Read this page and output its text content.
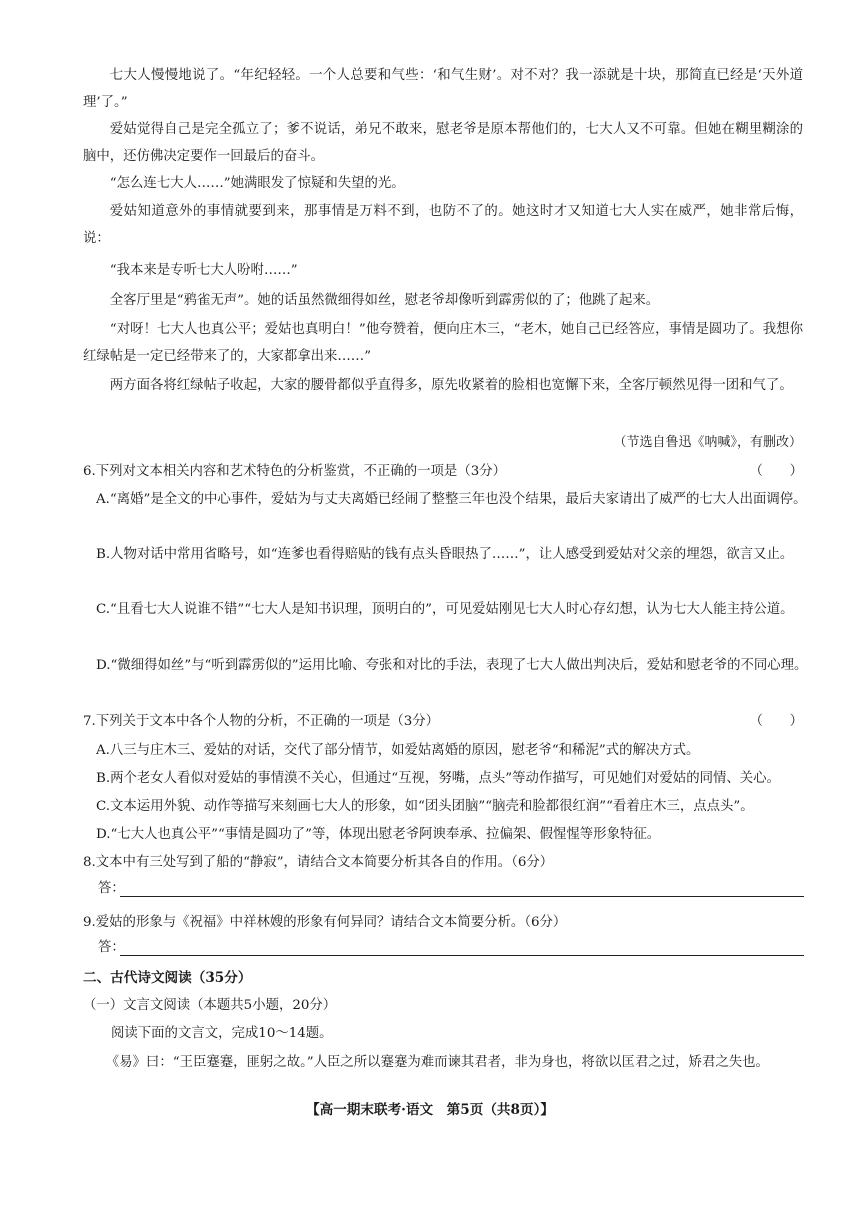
七大人慢慢地说了。“年纪轻轻。一个人总要和气些：‘和气生财’。对不对？我一添就是十块，那简直已经是‘天外道理’了。”

爱姑觉得自己是完全孤立了；爹不说话，弟兄不敢来，慰老爷是原本帮他们的，七大人又不可靠。但她在糊里糊涂的脑中，还仿佛决定要作一回最后的奋斗。

“怎么连七大人……”她满眼发了惊疑和失望的光。

爱姑知道意外的事情就要到来，那事情是万料不到，也防不了的。她这时才又知道七大人实在威严，她非常后悔，说：

“我本来是专听七大人吩咐……”

全客厅里是“鸦雀无声”。她的话虽然微细得如丝，慰老爷却像听到霹雳似的了；他跳了起来。

“对呀！七大人也真公平；爱姑也真明白！”他夸赞着，便向庄木三，“老木，她自己已经答应，事情是圆功了。我想你红绿帖是一定已经带来了的，大家都拿出来……”

两方面各将红绿帖子收起，大家的腰骨都似乎直得多，原先收紧着的脸相也宽懈下来，全客厅顿然见得一团和气了。

（节选自鲁迅《呐喊》，有删改）
6.下列对文本相关内容和艺术特色的分析鉴赏，不正确的一项是（3分）	（　　）

A.“离婚”是全文的中心事件，爱姑为与丈夫离婚已经闹了整整三年也没个结果，最后夫家请出了威严的七大人出面调停。

B.人物对话中常用省略号，如“连爹也看得赔贴的钱有点头昏眼热了……”，让人感受到爱姑对父亲的埋怨，欲言又止。

C.“且看七大人说谁不错”“七大人是知书识理，顶明白的”，可见爱姑刚见七大人时心存幻想，认为七大人能主持公道。

D.“微细得如丝”与“听到霹雳似的”运用比喻、夸张和对比的手法，表现了七大人做出判决后，爱姑和慰老爷的不同心理。

7.下列关于文本中各个人物的分析，不正确的一项是（3分）	（　　）

A.八三与庄木三、爱姑的对话，交代了部分情节，如爱姑离婚的原因，慰老爷“和稀泥”式的解决方式。

B.两个老女人看似对爱姑的事情漠不关心，但通过“互视，努嘴，点头”等动作描写，可见她们对爱姑的同情、关心。

C.文本运用外貌、动作等描写来刻画七大人的形象，如“团头团脑”“脑壳和脸都很红润”“看着庄木三，点点头”。

D.“七大人也真公平”“事情是圆功了”等，体现出慰老爷阿谀奉承、拉偏架、假惺惺等形象特征。

8.文本中有三处写到了船的“静寂”，请结合文本简要分析其各自的作用。（6分）
答：
9.爱姑的形象与《祝福》中祥林嫂的形象有何异同？请结合文本简要分析。（6分）
答：
二、古代诗文阅读（35分）
（一）文言文阅读（本题共5小题，20分）
阅读下面的文言文，完成10～14题。

《易》曰：“王臣蹇蹇，匪躬之故。”人臣之所以蹇蹇为难而谏其君者，非为身也，将欲以匡君之过，矫君之失也。

【高一期末联考·语文　第5页（共8页）】
